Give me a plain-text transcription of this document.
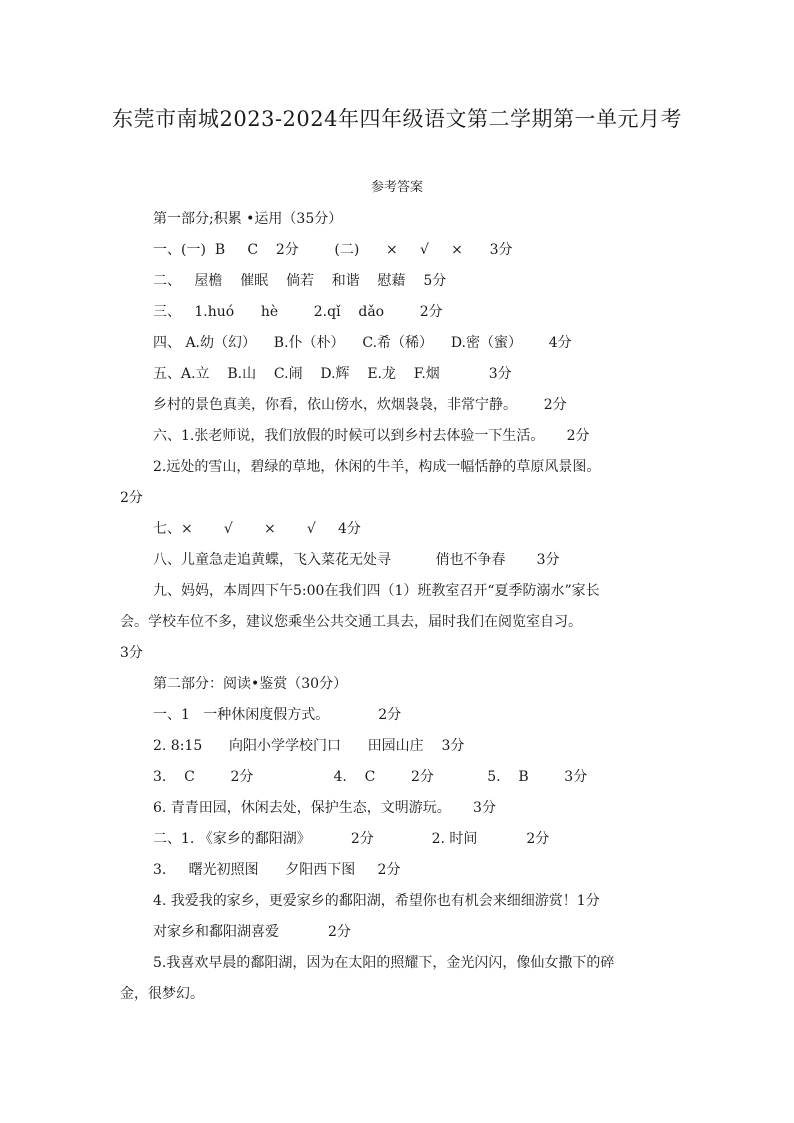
东莞市南城2023-2024年四年级语文第二学期第一单元月考
参考答案
第一部分;积累 •运用（35分）
一、(一)  B     C    2分        (二)      ×     √     ×      3分
二、   屋檐    催眠    倘若    和谐    慰藉    5分
三、   1.huó      hè        2.qǐ    dǎo        2分
四、 A.幼（幻）    B.仆（朴）    C.希（稀）    D.密（蜜）      4分
五、A.立    B.山    C.闹    D.辉    E.龙    F.烟           3分
乡村的景色真美，你看，依山傍水，炊烟袅袅，非常宁静。      2分
六、1.张老师说，我们放假的时候可以到乡村去体验一下生活。     2分
2.远处的雪山，碧绿的草地，休闲的牛羊，构成一幅恬静的草原风景图。
2分
七、×       √       ×       √     4分
八、儿童急走追黄蝶，飞入菜花无处寻          俏也不争春       3分
九、妈妈，本周四下午5:00在我们四（1）班教室召开“夏季防溺水”家长
会。学校车位不多，建议您乘坐公共交通工具去，届时我们在阅览室自习。
3分
第二部分：阅读•鉴赏（30分）
一、1   一种休闲度假方式。           2分
2. 8:15      向阳小学学校门口      田园山庄    3分
3.    C        2分                  4.    C        2分            5.    B        3分
6. 青青田园，休闲去处，保护生态，文明游玩。     3分
二、1. 《家乡的鄱阳湖》         2分             2. 时间           2分
3.     曙光初照图      夕阳西下图     2分
4. 我爱我的家乡，更爱家乡的鄱阳湖，希望你也有机会来细细游赏！1分
对家乡和鄱阳湖喜爱           2分
5.我喜欢早晨的鄱阳湖，因为在太阳的照耀下，金光闪闪，像仙女撒下的碎
金，很梦幻。
